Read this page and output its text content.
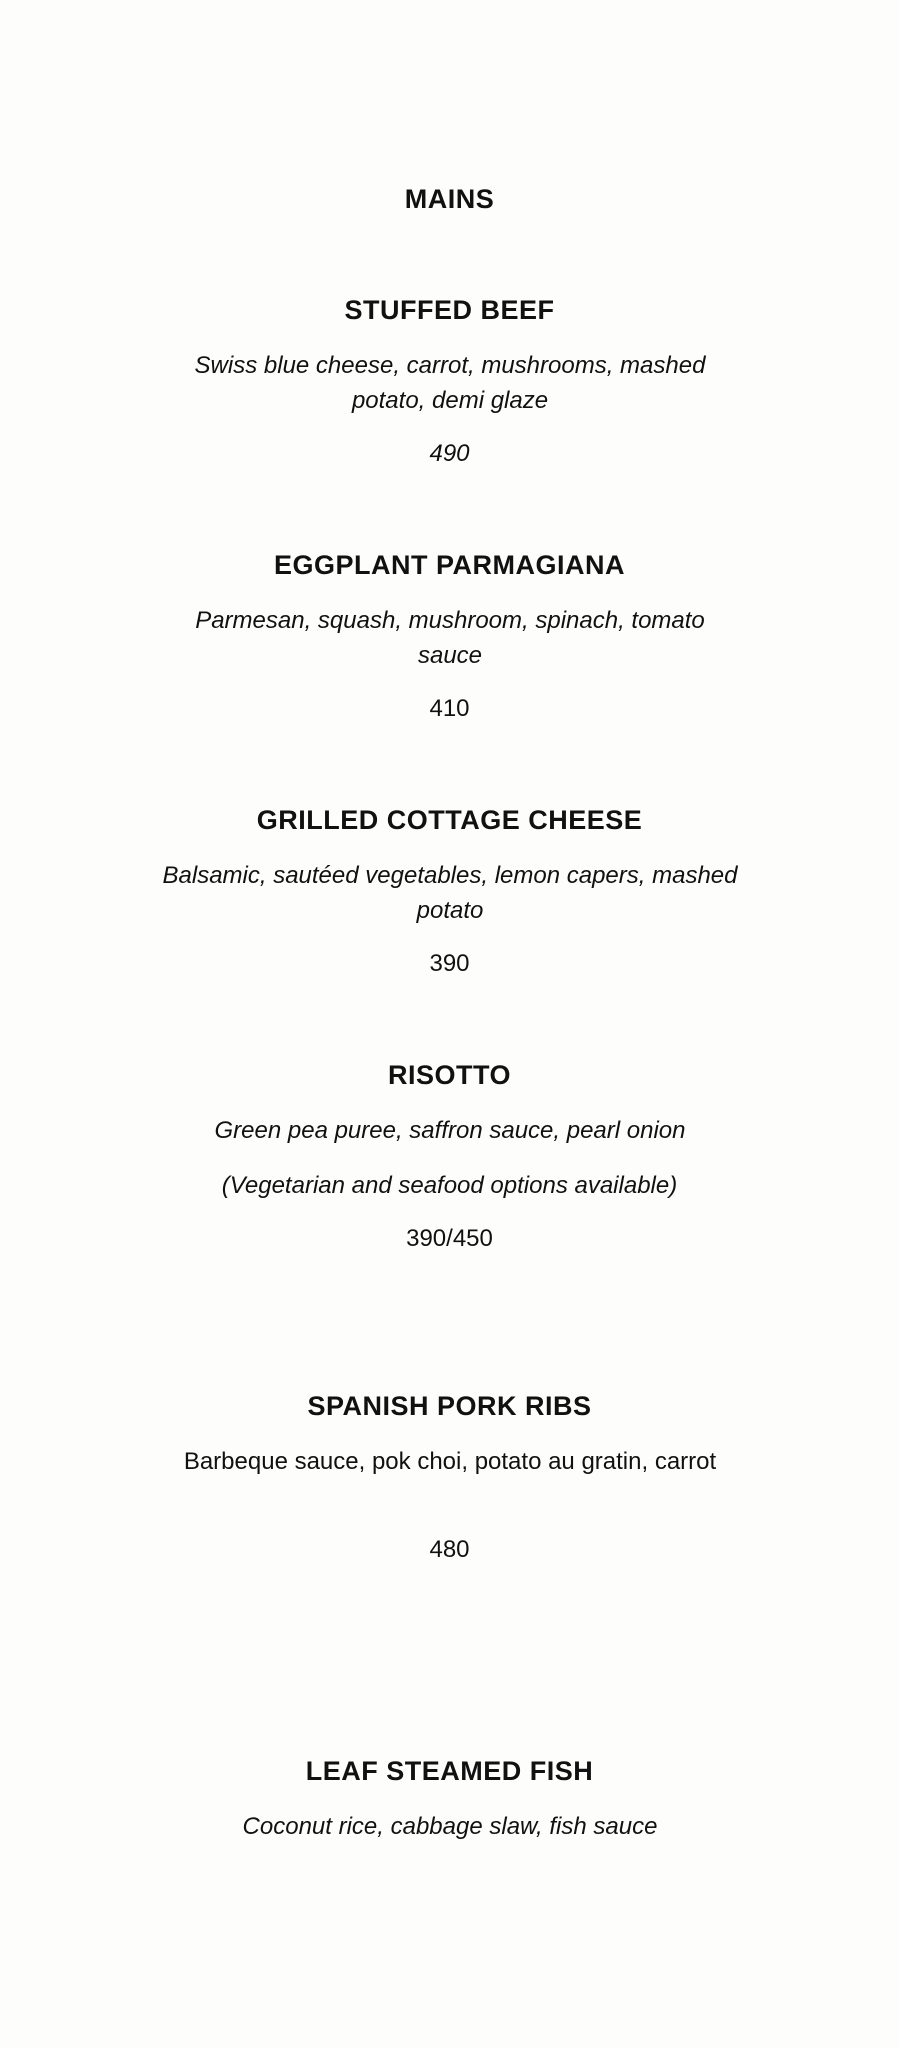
MAINS
STUFFED BEEF
Swiss blue cheese, carrot, mushrooms, mashed potato, demi glaze
490
EGGPLANT PARMAGIANA
Parmesan, squash, mushroom, spinach, tomato sauce
410
GRILLED COTTAGE CHEESE
Balsamic, sautéed vegetables, lemon capers, mashed potato
390
RISOTTO
Green pea puree, saffron sauce, pearl onion
(Vegetarian and seafood options available)
390/450
SPANISH PORK RIBS
Barbeque sauce, pok choi, potato au gratin, carrot
480
LEAF STEAMED FISH
Coconut rice, cabbage slaw, fish sauce
